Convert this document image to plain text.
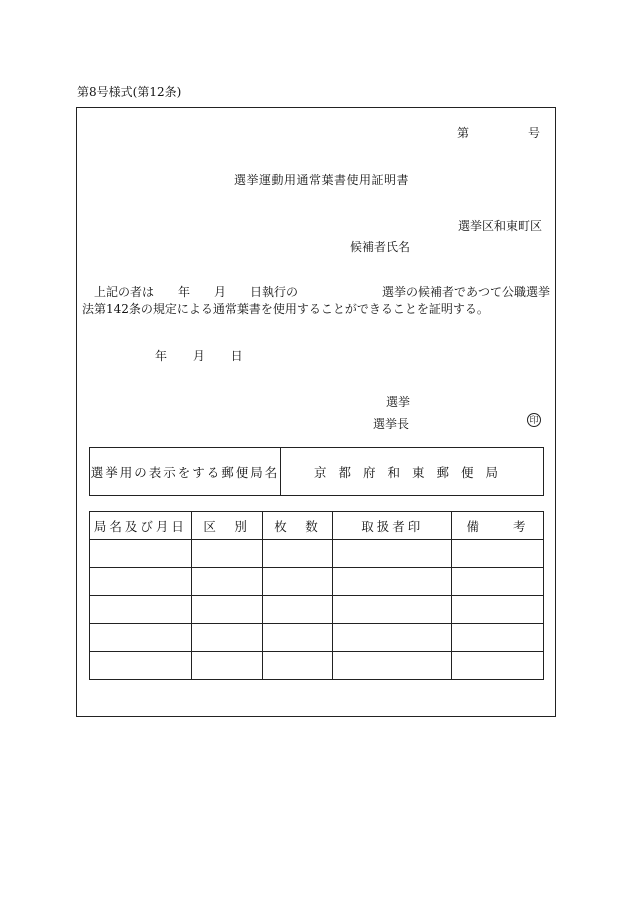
第8号様式(第12条)
第	号
選挙運動用通常葉書使用証明書
選挙区和東町区
候補者氏名
上記の者は　　年　　月　　日執行の　　　　　　　選挙の候補者であつて公職選挙法第142条の規定による通常葉書を使用することができることを証明する。
年 月 日
選挙
選挙長	印
選挙用の表示をする郵便局名	京都府和東郵便局
局名及び月日	区　別	枚　数	取扱者印	備　　考
